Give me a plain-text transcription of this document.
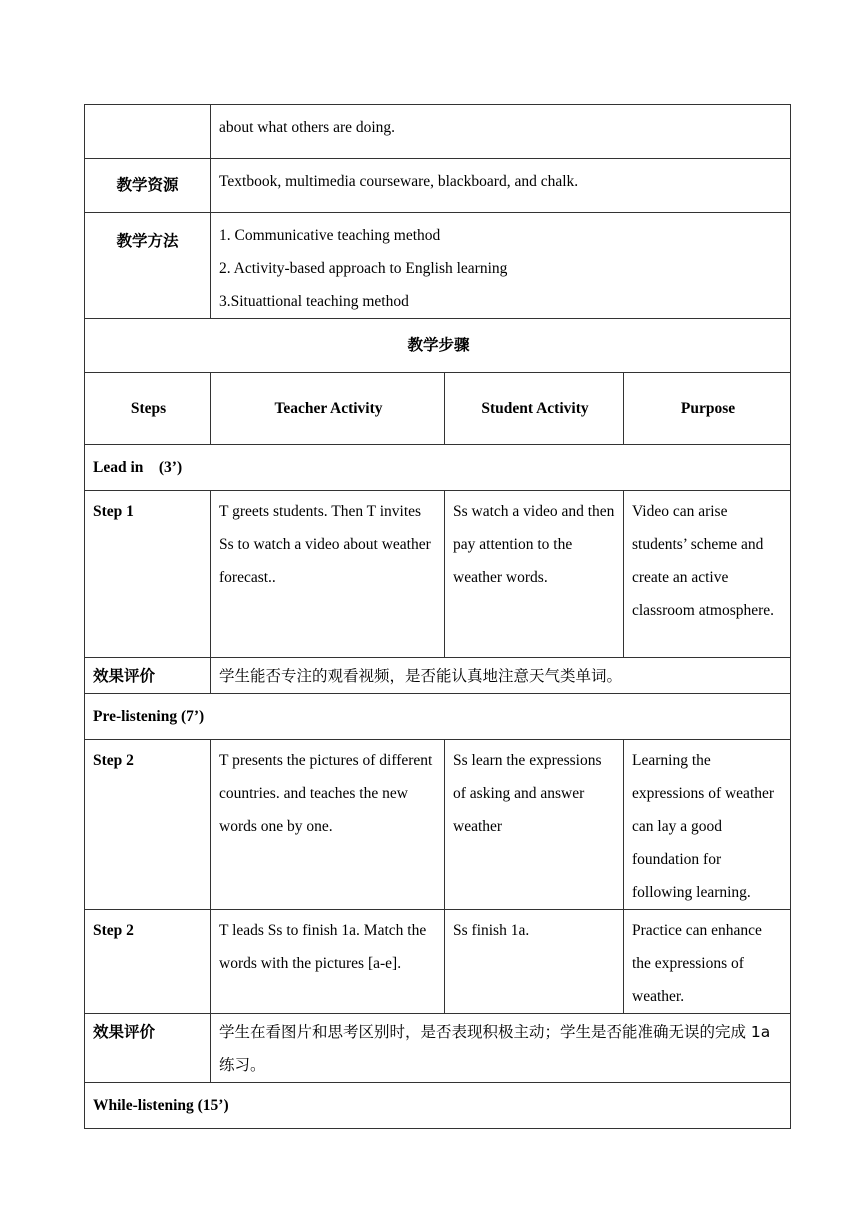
	about what others are doing.		
教学资源	Textbook, multimedia courseware, blackboard, and chalk.		
教学方法	1. Communicative teaching method
2. Activity-based approach to English learning
3.Situattional teaching method		

教学步骤			
Steps	Teacher Activity	Student Activity	Purpose
Lead in    (3’)			
Step 1	T greets students. Then T invites Ss to watch a video about weather forecast..	Ss watch a video and then pay attention to the weather words.	Video can arise students’ scheme and create an active classroom atmosphere.
效果评价	学生能否专注的观看视频，是否能认真地注意天气类单词。		
Pre-listening (7’)			
Step 2	T presents the pictures of different countries. and teaches the new words one by one.	Ss learn the expressions of asking and answer weather	Learning the expressions of weather can lay a good foundation for following learning.
Step 2	T leads Ss to finish 1a. Match the words with the pictures [a-e].	Ss finish 1a.	Practice can enhance the expressions of weather.
效果评价	学生在看图片和思考区别时，是否表现积极主动；学生是否能准确无误的完成 1a 练习。		
While-listening (15’)			
